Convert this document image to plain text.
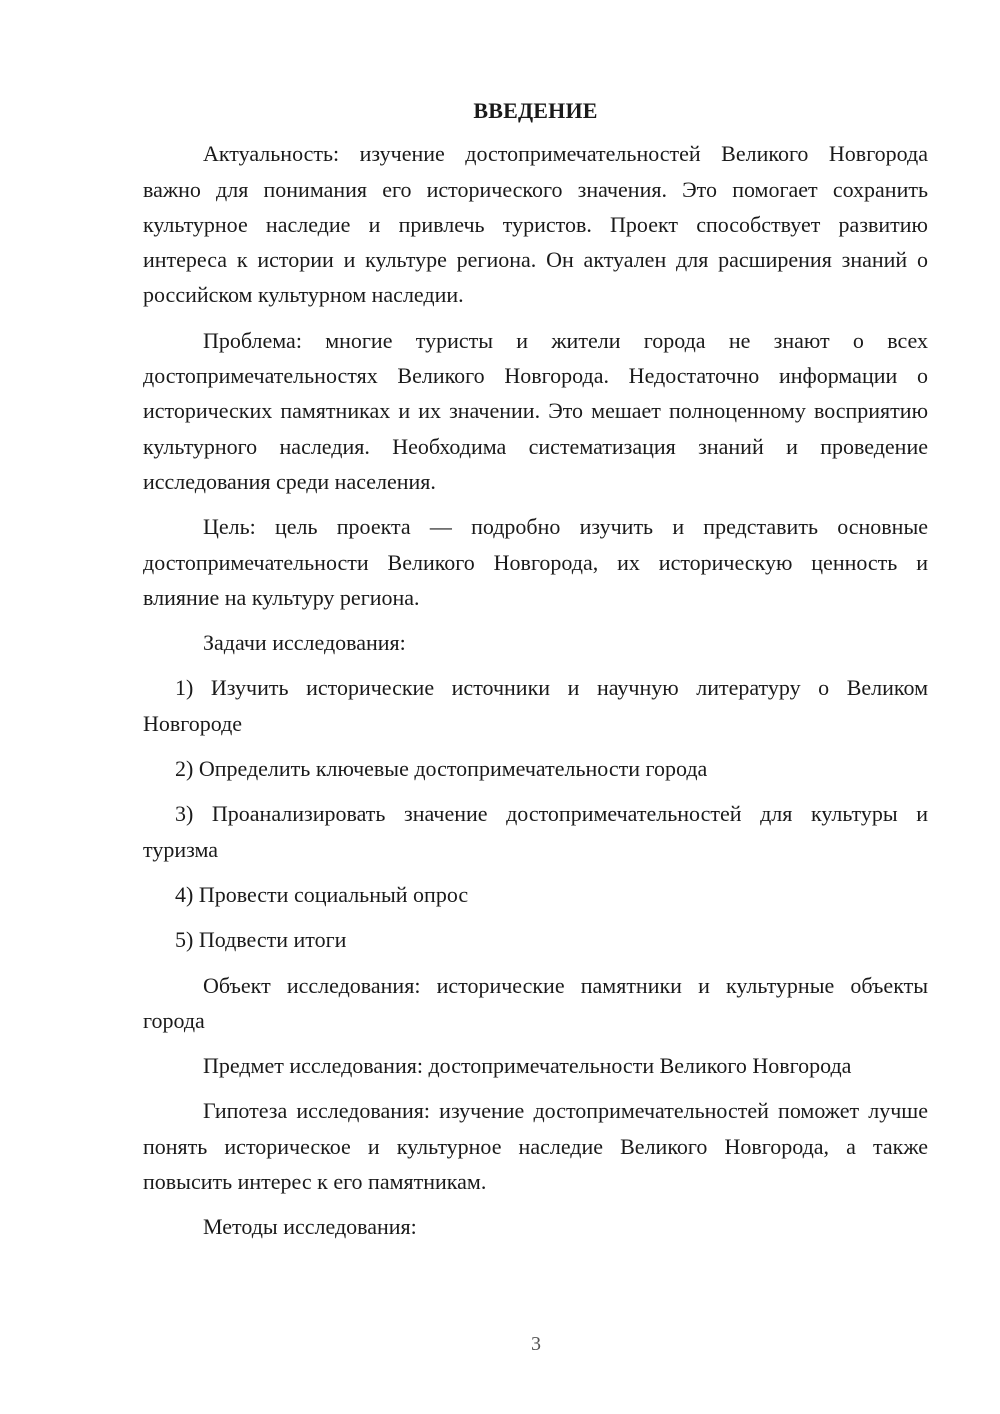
ВВЕДЕНИЕ

Актуальность: изучение достопримечательностей Великого Новгорода важно для понимания его исторического значения. Это помогает сохранить культурное наследие и привлечь туристов. Проект способствует развитию интереса к истории и культуре региона. Он актуален для расширения знаний о российском культурном наследии.

Проблема: многие туристы и жители города не знают о всех достопримечательностях Великого Новгорода. Недостаточно информации о исторических памятниках и их значении. Это мешает полноценному восприятию культурного наследия. Необходима систематизация знаний и проведение исследования среди населения.

Цель: цель проекта — подробно изучить и представить основные достопримечательности Великого Новгорода, их историческую ценность и влияние на культуру региона.

Задачи исследования:

1) Изучить исторические источники и научную литературу о Великом Новгороде

2) Определить ключевые достопримечательности города

3) Проанализировать значение достопримечательностей для культуры и туризма

4) Провести социальный опрос

5) Подвести итоги

Объект исследования: исторические памятники и культурные объекты города

Предмет исследования: достопримечательности Великого Новгорода

Гипотеза исследования: изучение достопримечательностей поможет лучше понять историческое и культурное наследие Великого Новгорода, а также повысить интерес к его памятникам.

Методы исследования:

3
